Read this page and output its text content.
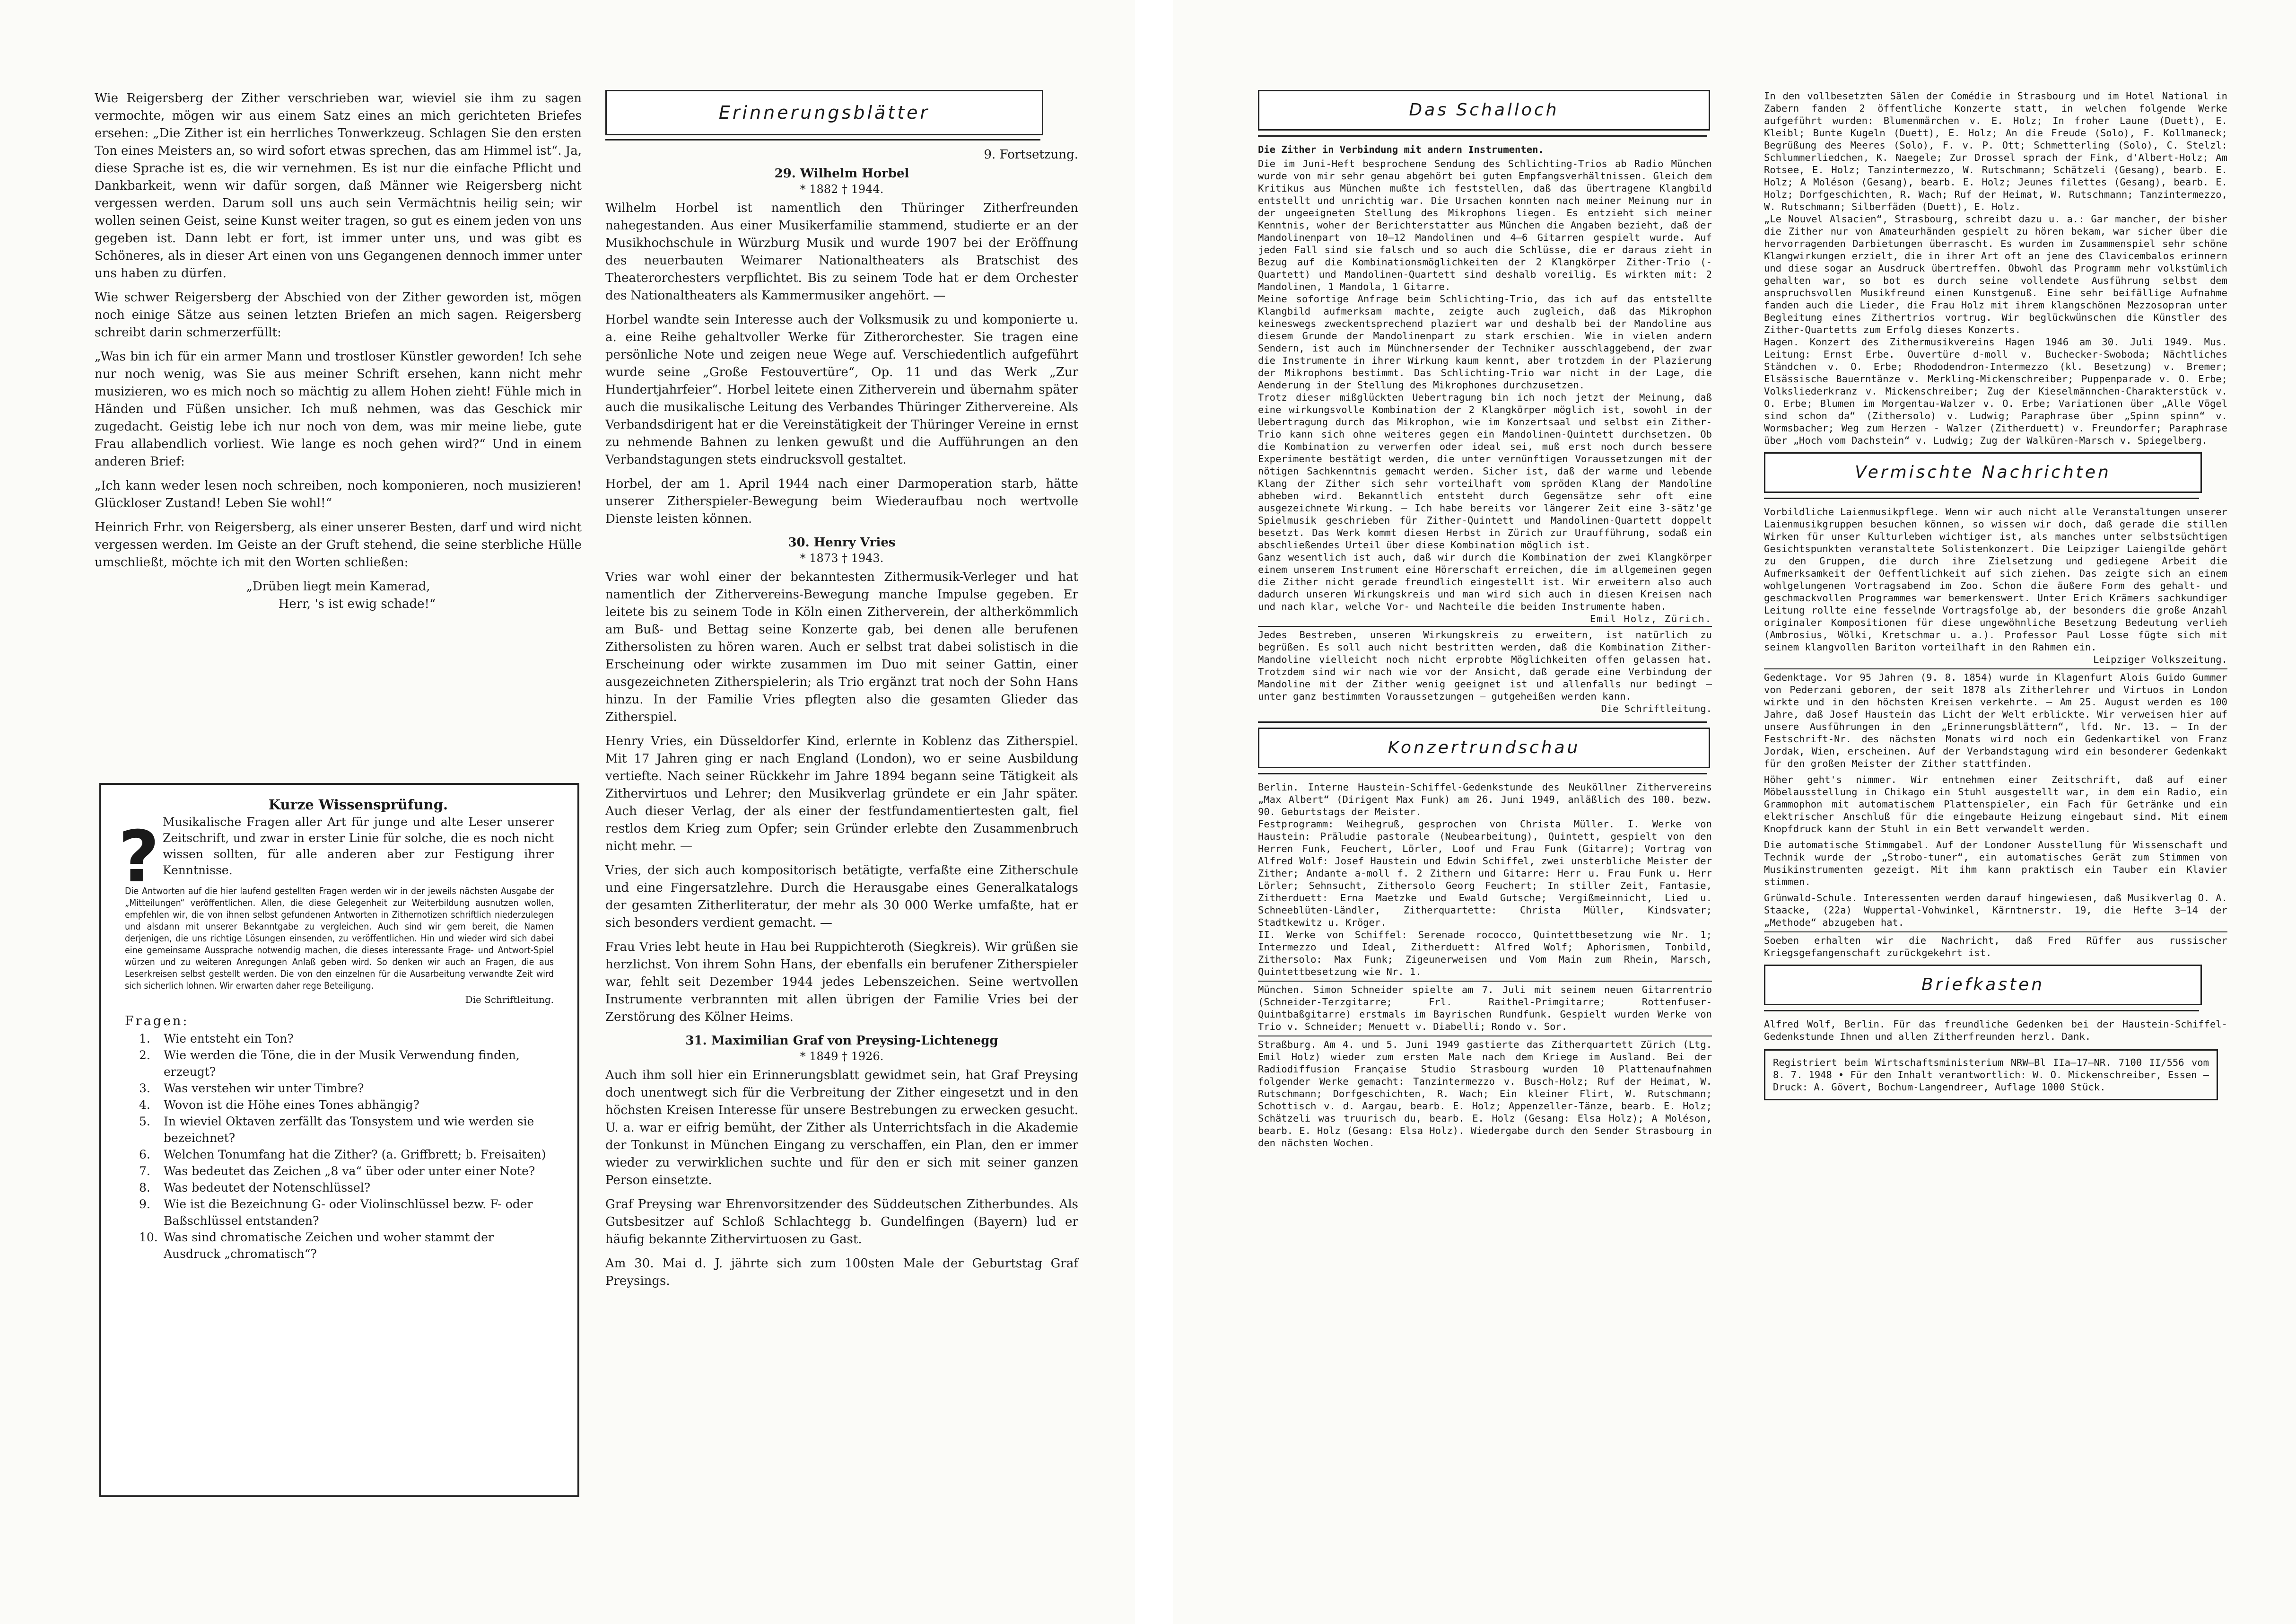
Wie Reigersberg der Zither verschrieben war, wieviel sie ihm zu sagen vermochte, mögen wir aus einem Satz eines an mich gerichteten Briefes ersehen: „Die Zither ist ein herrliches Tonwerkzeug. Schlagen Sie den ersten Ton eines Meisters an, so wird sofort etwas sprechen, das am Himmel ist“. Ja, diese Sprache ist es, die wir vernehmen. Es ist nur die einfache Pflicht und Dankbarkeit, wenn wir dafür sorgen, daß Männer wie Reigersberg nicht vergessen werden. Darum soll uns auch sein Vermächtnis heilig sein; wir wollen seinen Geist, seine Kunst weiter tragen, so gut es einem jeden von uns gegeben ist. Dann lebt er fort, ist immer unter uns, und was gibt es Schöneres, als in dieser Art einen von uns Gegangenen dennoch immer unter uns haben zu dürfen.

Wie schwer Reigersberg der Abschied von der Zither geworden ist, mögen noch einige Sätze aus seinen letzten Briefen an mich sagen. Reigersberg schreibt darin schmerzerfüllt:

„Was bin ich für ein armer Mann und trostloser Künstler geworden! Ich sehe nur noch wenig, was Sie aus meiner Schrift ersehen, kann nicht mehr musizieren, wo es mich noch so mächtig zu allem Hohen zieht! Fühle mich in Händen und Füßen unsicher. Ich muß nehmen, was das Geschick mir zugedacht. Geistig lebe ich nur noch von dem, was mir meine liebe, gute Frau allabendlich vorliest. Wie lange es noch gehen wird?“ Und in einem anderen Brief:

„Ich kann weder lesen noch schreiben, noch komponieren, noch musizieren! Glückloser Zustand! Leben Sie wohl!“

Heinrich Frhr. von Reigersberg, als einer unserer Besten, darf und wird nicht vergessen werden. Im Geiste an der Gruft stehend, die seine sterbliche Hülle umschließt, möchte ich mit den Worten schließen:

„Drüben liegt mein Kamerad,

Herr, 's ist ewig schade!“

?
Kurze Wissensprüfung.

Musikalische Fragen aller Art für junge und alte Leser unserer Zeitschrift, und zwar in erster Linie für solche, die es noch nicht wissen sollten, für alle anderen aber zur Festigung ihrer Kenntnisse.

Die Antworten auf die hier laufend gestellten Fragen werden wir in der jeweils nächsten Ausgabe der „Mitteilungen“ veröffentlichen. Allen, die diese Gelegenheit zur Weiterbildung ausnutzen wollen, empfehlen wir, die von ihnen selbst gefundenen Antworten in Zithernotizen schriftlich niederzulegen und alsdann mit unserer Bekanntgabe zu vergleichen. Auch sind wir gern bereit, die Namen derjenigen, die uns richtige Lösungen einsenden, zu veröffentlichen. Hin und wieder wird sich dabei eine gemeinsame Aussprache notwendig machen, die dieses interessante Frage- und Antwort-Spiel würzen und zu weiteren Anregungen Anlaß geben wird. So denken wir auch an Fragen, die aus Leserkreisen selbst gestellt werden. Die von den einzelnen für die Ausarbeitung verwandte Zeit wird sich sicherlich lohnen. Wir erwarten daher rege Beteiligung.

Die Schriftleitung.

Fragen:
1. Wie entsteht ein Ton?
2. Wie werden die Töne, die in der Musik Verwendung finden, erzeugt?
3. Was verstehen wir unter Timbre?
4. Wovon ist die Höhe eines Tones abhängig?
5. In wieviel Oktaven zerfällt das Tonsystem und wie werden sie bezeichnet?
6. Welchen Tonumfang hat die Zither? (a. Griffbrett; b. Freisaiten)
7. Was bedeutet das Zeichen „8 va“ über oder unter einer Note?
8. Was bedeutet der Notenschlüssel?
9. Wie ist die Bezeichnung G- oder Violinschlüssel bezw. F- oder Baßschlüssel entstanden?
10. Was sind chromatische Zeichen und woher stammt der Ausdruck „chromatisch“?
Erinnerungsblätter

9. Fortsetzung.

29. Wilhelm Horbel
* 1882 † 1944.

Wilhelm Horbel ist namentlich den Thüringer Zitherfreunden nahegestanden. Aus einer Musikerfamilie stammend, studierte er an der Musikhochschule in Würzburg Musik und wurde 1907 bei der Eröffnung des neuerbauten Weimarer Nationaltheaters als Bratschist des Theaterorchesters verpflichtet. Bis zu seinem Tode hat er dem Orchester des Nationaltheaters als Kammermusiker angehört. —

Horbel wandte sein Interesse auch der Volksmusik zu und komponierte u. a. eine Reihe gehaltvoller Werke für Zitherorchester. Sie tragen eine persönliche Note und zeigen neue Wege auf. Verschiedentlich aufgeführt wurde seine „Große Festouvertüre“, Op. 11 und das Werk „Zur Hundertjahrfeier“. Horbel leitete einen Zitherverein und übernahm später auch die musikalische Leitung des Verbandes Thüringer Zithervereine. Als Verbandsdirigent hat er die Vereinstätigkeit der Thüringer Vereine in ernst zu nehmende Bahnen zu lenken gewußt und die Aufführungen an den Verbandstagungen stets eindrucksvoll gestaltet.

Horbel, der am 1. April 1944 nach einer Darmoperation starb, hätte unserer Zitherspieler-Bewegung beim Wiederaufbau noch wertvolle Dienste leisten können.

30. Henry Vries
* 1873 † 1943.

Vries war wohl einer der bekanntesten Zithermusik-Verleger und hat namentlich der Zithervereins-Bewegung manche Impulse gegeben. Er leitete bis zu seinem Tode in Köln einen Zitherverein, der altherkömmlich am Buß- und Bettag seine Konzerte gab, bei denen alle berufenen Zithersolisten zu hören waren. Auch er selbst trat dabei solistisch in die Erscheinung oder wirkte zusammen im Duo mit seiner Gattin, einer ausgezeichneten Zitherspielerin; als Trio ergänzt trat noch der Sohn Hans hinzu. In der Familie Vries pflegten also die gesamten Glieder das Zitherspiel.

Henry Vries, ein Düsseldorfer Kind, erlernte in Koblenz das Zitherspiel. Mit 17 Jahren ging er nach England (London), wo er seine Ausbildung vertiefte. Nach seiner Rückkehr im Jahre 1894 begann seine Tätigkeit als Zithervirtuos und Lehrer; den Musikverlag gründete er ein Jahr später. Auch dieser Verlag, der als einer der festfundamentiertesten galt, fiel restlos dem Krieg zum Opfer; sein Gründer erlebte den Zusammenbruch nicht mehr. —

Vries, der sich auch kompositorisch betätigte, verfaßte eine Zitherschule und eine Fingersatzlehre. Durch die Herausgabe eines Generalkatalogs der gesamten Zitherliteratur, der mehr als 30 000 Werke umfaßte, hat er sich besonders verdient gemacht. —

Frau Vries lebt heute in Hau bei Ruppichteroth (Siegkreis). Wir grüßen sie herzlichst. Von ihrem Sohn Hans, der ebenfalls ein berufener Zitherspieler war, fehlt seit Dezember 1944 jedes Lebenszeichen. Seine wertvollen Instrumente verbrannten mit allen übrigen der Familie Vries bei der Zerstörung des Kölner Heims.

31. Maximilian Graf von Preysing-Lichtenegg
* 1849 † 1926.

Auch ihm soll hier ein Erinnerungsblatt gewidmet sein, hat Graf Preysing doch unentwegt sich für die Verbreitung der Zither eingesetzt und in den höchsten Kreisen Interesse für unsere Bestrebungen zu erwecken gesucht. U. a. war er eifrig bemüht, der Zither als Unterrichtsfach in die Akademie der Tonkunst in München Eingang zu verschaffen, ein Plan, den er immer wieder zu verwirklichen suchte und für den er sich mit seiner ganzen Person einsetzte.

Graf Preysing war Ehrenvorsitzender des Süddeutschen Zitherbundes. Als Gutsbesitzer auf Schloß Schlachtegg b. Gundelfingen (Bayern) lud er häufig bekannte Zithervirtuosen zu Gast.

Am 30. Mai d. J. jährte sich zum 100sten Male der Geburtstag Graf Preysings.

Das Schalloch

Die Zither in Verbindung mit andern Instrumenten.

Die im Juni-Heft besprochene Sendung des Schlichting-Trios ab Radio München wurde von mir sehr genau abgehört bei guten Empfangsverhältnissen. Gleich dem Kritikus aus München mußte ich feststellen, daß das übertragene Klangbild entstellt und unrichtig war. Die Ursachen konnten nach meiner Meinung nur in der ungeeigneten Stellung des Mikrophons liegen. Es entzieht sich meiner Kenntnis, woher der Berichterstatter aus München die Angaben bezieht, daß der Mandolinenpart von 10—12 Mandolinen und 4—6 Gitarren gespielt wurde. Auf jeden Fall sind sie falsch und so auch die Schlüsse, die er daraus zieht in Bezug auf die Kombinationsmöglichkeiten der 2 Klangkörper Zither-Trio (-Quartett) und Mandolinen-Quartett sind deshalb voreilig. Es wirkten mit: 2 Mandolinen, 1 Mandola, 1 Gitarre.

Meine sofortige Anfrage beim Schlichting-Trio, das ich auf das entstellte Klangbild aufmerksam machte, zeigte auch zugleich, daß das Mikrophon keineswegs zweckentsprechend plaziert war und deshalb bei der Mandoline aus diesem Grunde der Mandolinenpart zu stark erschien. Wie in vielen andern Sendern, ist auch im Münchnersender der Techniker ausschlaggebend, der zwar die Instrumente in ihrer Wirkung kaum kennt, aber trotzdem in der Plazierung der Mikrophons bestimmt. Das Schlichting-Trio war nicht in der Lage, die Aenderung in der Stellung des Mikrophones durchzusetzen.

Trotz dieser mißglückten Uebertragung bin ich noch jetzt der Meinung, daß eine wirkungsvolle Kombination der 2 Klangkörper möglich ist, sowohl in der Uebertragung durch das Mikrophon, wie im Konzertsaal und selbst ein Zither-Trio kann sich ohne weiteres gegen ein Mandolinen-Quintett durchsetzen. Ob die Kombination zu verwerfen oder ideal sei, muß erst noch durch bessere Experimente bestätigt werden, die unter vernünftigen Voraussetzungen mit der nötigen Sachkenntnis gemacht werden. Sicher ist, daß der warme und lebende Klang der Zither sich sehr vorteilhaft vom spröden Klang der Mandoline abheben wird. Bekanntlich entsteht durch Gegensätze sehr oft eine ausgezeichnete Wirkung. — Ich habe bereits vor längerer Zeit eine 3-sätz'ge Spielmusik geschrieben für Zither-Quintett und Mandolinen-Quartett doppelt besetzt. Das Werk kommt diesen Herbst in Zürich zur Uraufführung, sodaß ein abschließendes Urteil über diese Kombination möglich ist.

Ganz wesentlich ist auch, daß wir durch die Kombination der zwei Klangkörper einem unserem Instrument eine Hörerschaft erreichen, die im allgemeinen gegen die Zither nicht gerade freundlich eingestellt ist. Wir erweitern also auch dadurch unseren Wirkungskreis und man wird sich auch in diesen Kreisen nach und nach klar, welche Vor- und Nachteile die beiden Instrumente haben.

Emil Holz, Zürich.

Jedes Bestreben, unseren Wirkungskreis zu erweitern, ist natürlich zu begrüßen. Es soll auch nicht bestritten werden, daß die Kombination Zither-Mandoline vielleicht noch nicht erprobte Möglichkeiten offen gelassen hat. Trotzdem sind wir nach wie vor der Ansicht, daß gerade eine Verbindung der Mandoline mit der Zither wenig geeignet ist und allenfalls nur bedingt — unter ganz bestimmten Voraussetzungen — gutgeheißen werden kann.

Die Schriftleitung.

Konzertrundschau

Berlin. Interne Haustein-Schiffel-Gedenkstunde des Neuköllner Zithervereins „Max Albert“ (Dirigent Max Funk) am 26. Juni 1949, anläßlich des 100. bezw. 90. Geburtstags der Meister.

Festprogramm: Weihegruß, gesprochen von Christa Müller. I. Werke von Haustein: Präludie pastorale (Neubearbeitung), Quintett, gespielt von den Herren Funk, Feuchert, Lörler, Loof und Frau Funk (Gitarre); Vortrag von Alfred Wolf: Josef Haustein und Edwin Schiffel, zwei unsterbliche Meister der Zither; Andante a-moll f. 2 Zithern und Gitarre: Herr u. Frau Funk u. Herr Lörler; Sehnsucht, Zithersolo Georg Feuchert; In stiller Zeit, Fantasie, Zitherduett: Erna Maetzke und Ewald Gutsche; Vergißmeinnicht, Lied u. Schneeblüten-Ländler, Zitherquartette: Christa Müller, Kindsvater; Stadtkewitz u. Kröger.

II. Werke von Schiffel: Serenade rococco, Quintettbesetzung wie Nr. 1; Intermezzo und Ideal, Zitherduett: Alfred Wolf; Aphorismen, Tonbild, Zithersolo: Max Funk; Zigeunerweisen und Vom Main zum Rhein, Marsch, Quintettbesetzung wie Nr. 1.

München. Simon Schneider spielte am 7. Juli mit seinem neuen Gitarrentrio (Schneider-Terzgitarre; Frl. Raithel-Primgitarre; Rottenfuser-Quintbaßgitarre) erstmals im Bayrischen Rundfunk. Gespielt wurden Werke von Trio v. Schneider; Menuett v. Diabelli; Rondo v. Sor.

Straßburg. Am 4. und 5. Juni 1949 gastierte das Zitherquartett Zürich (Ltg. Emil Holz) wieder zum ersten Male nach dem Kriege im Ausland. Bei der Radiodiffusion Française Studio Strasbourg wurden 10 Plattenaufnahmen folgender Werke gemacht: Tanzintermezzo v. Busch-Holz; Ruf der Heimat, W. Rutschmann; Dorfgeschichten, R. Wach; Ein kleiner Flirt, W. Rutschmann; Schottisch v. d. Aargau, bearb. E. Holz; Appenzeller-Tänze, bearb. E. Holz; Schätzeli was truurisch du, bearb. E. Holz (Gesang: Elsa Holz); A Moléson, bearb. E. Holz (Gesang: Elsa Holz). Wiedergabe durch den Sender Strasbourg in den nächsten Wochen.

In den vollbesetzten Sälen der Comédie in Strasbourg und im Hotel National in Zabern fanden 2 öffentliche Konzerte statt, in welchen folgende Werke aufgeführt wurden: Blumenmärchen v. E. Holz; In froher Laune (Duett), E. Kleibl; Bunte Kugeln (Duett), E. Holz; An die Freude (Solo), F. Kollmaneck; Begrüßung des Meeres (Solo), F. v. P. Ott; Schmetterling (Solo), C. Stelzl: Schlummerliedchen, K. Naegele; Zur Drossel sprach der Fink, d'Albert-Holz; Am Rotsee, E. Holz; Tanzintermezzo, W. Rutschmann; Schätzeli (Gesang), bearb. E. Holz; A Moléson (Gesang), bearb. E. Holz; Jeunes filettes (Gesang), bearb. E. Holz; Dorfgeschichten, R. Wach; Ruf der Heimat, W. Rutschmann; Tanzintermezzo, W. Rutschmann; Silberfäden (Duett), E. Holz.

„Le Nouvel Alsacien“, Strasbourg, schreibt dazu u. a.: Gar mancher, der bisher die Zither nur von Amateurhänden gespielt zu hören bekam, war sicher über die hervorragenden Darbietungen überrascht. Es wurden im Zusammenspiel sehr schöne Klangwirkungen erzielt, die in ihrer Art oft an jene des Clavicembalos erinnern und diese sogar an Ausdruck übertreffen. Obwohl das Programm mehr volkstümlich gehalten war, so bot es durch seine vollendete Ausführung selbst dem anspruchsvollen Musikfreund einen Kunstgenuß. Eine sehr beifällige Aufnahme fanden auch die Lieder, die Frau Holz mit ihrem klangschönen Mezzosopran unter Begleitung eines Zithertrios vortrug. Wir beglückwünschen die Künstler des Zither-Quartetts zum Erfolg dieses Konzerts.

Hagen. Konzert des Zithermusikvereins Hagen 1946 am 30. Juli 1949. Mus. Leitung: Ernst Erbe. Ouvertüre d-moll v. Buchecker-Swoboda; Nächtliches Ständchen v. O. Erbe; Rhododendron-Intermezzo (kl. Besetzung) v. Bremer; Elsässische Bauerntänze v. Merkling-Mickenschreiber; Puppenparade v. O. Erbe; Volksliederkranz v. Mickenschreiber; Zug der Kieselmännchen-Charakterstück v. O. Erbe; Blumen im Morgentau-Walzer v. O. Erbe; Variationen über „Alle Vögel sind schon da“ (Zithersolo) v. Ludwig; Paraphrase über „Spinn spinn“ v. Wormsbacher; Weg zum Herzen - Walzer (Zitherduett) v. Freundorfer; Paraphrase über „Hoch vom Dachstein“ v. Ludwig; Zug der Walküren-Marsch v. Spiegelberg.

Vermischte Nachrichten

Vorbildliche Laienmusikpflege. Wenn wir auch nicht alle Veranstaltungen unserer Laienmusikgruppen besuchen können, so wissen wir doch, daß gerade die stillen Wirken für unser Kulturleben wichtiger ist, als manches unter selbstsüchtigen Gesichtspunkten veranstaltete Solistenkonzert. Die Leipziger Laiengilde gehört zu den Gruppen, die durch ihre Zielsetzung und gediegene Arbeit die Aufmerksamkeit der Oeffentlichkeit auf sich ziehen. Das zeigte sich an einem wohlgelungenen Vortragsabend im Zoo. Schon die äußere Form des gehalt- und geschmackvollen Programmes war bemerkenswert. Unter Erich Krämers sachkundiger Leitung rollte eine fesselnde Vortragsfolge ab, der besonders die große Anzahl originaler Kompositionen für diese ungewöhnliche Besetzung Bedeutung verlieh (Ambrosius, Wölki, Kretschmar u. a.). Professor Paul Losse fügte sich mit seinem klangvollen Bariton vorteilhaft in den Rahmen ein.

Leipziger Volkszeitung.

Gedenktage. Vor 95 Jahren (9. 8. 1854) wurde in Klagenfurt Alois Guido Gummer von Pederzani geboren, der seit 1878 als Zitherlehrer und Virtuos in London wirkte und in den höchsten Kreisen verkehrte. — Am 25. August werden es 100 Jahre, daß Josef Haustein das Licht der Welt erblickte. Wir verweisen hier auf unsere Ausführungen in den „Erinnerungsblättern“, lfd. Nr. 13. — In der Festschrift-Nr. des nächsten Monats wird noch ein Gedenkartikel von Franz Jordak, Wien, erscheinen. Auf der Verbandstagung wird ein besonderer Gedenkakt für den großen Meister der Zither stattfinden.

Höher geht's nimmer. Wir entnehmen einer Zeitschrift, daß auf einer Möbelausstellung in Chikago ein Stuhl ausgestellt war, in dem ein Radio, ein Grammophon mit automatischem Plattenspieler, ein Fach für Getränke und ein elektrischer Anschluß für die eingebaute Heizung eingebaut sind. Mit einem Knopfdruck kann der Stuhl in ein Bett verwandelt werden.

Die automatische Stimmgabel. Auf der Londoner Ausstellung für Wissenschaft und Technik wurde der „Strobo-tuner“, ein automatisches Gerät zum Stimmen von Musikinstrumenten gezeigt. Mit ihm kann praktisch ein Tauber ein Klavier stimmen.

Grünwald-Schule. Interessenten werden darauf hingewiesen, daß Musikverlag O. A. Staacke, (22a) Wuppertal-Vohwinkel, Kärntnerstr. 19, die Hefte 3—14 der „Methode“ abzugeben hat.

Soeben erhalten wir die Nachricht, daß Fred Rüffer aus russischer Kriegsgefangenschaft zurückgekehrt ist.

Briefkasten

Alfred Wolf, Berlin. Für das freundliche Gedenken bei der Haustein-Schiffel-Gedenkstunde Ihnen und allen Zitherfreunden herzl. Dank.

Registriert beim Wirtschaftsministerium NRW—Bl IIa—17—NR. 7100 II/556 vom 8. 7. 1948 • Für den Inhalt verantwortlich: W. O. Mickenschreiber, Essen — Druck: A. Gövert, Bochum-Langendreer, Auflage 1000 Stück.
